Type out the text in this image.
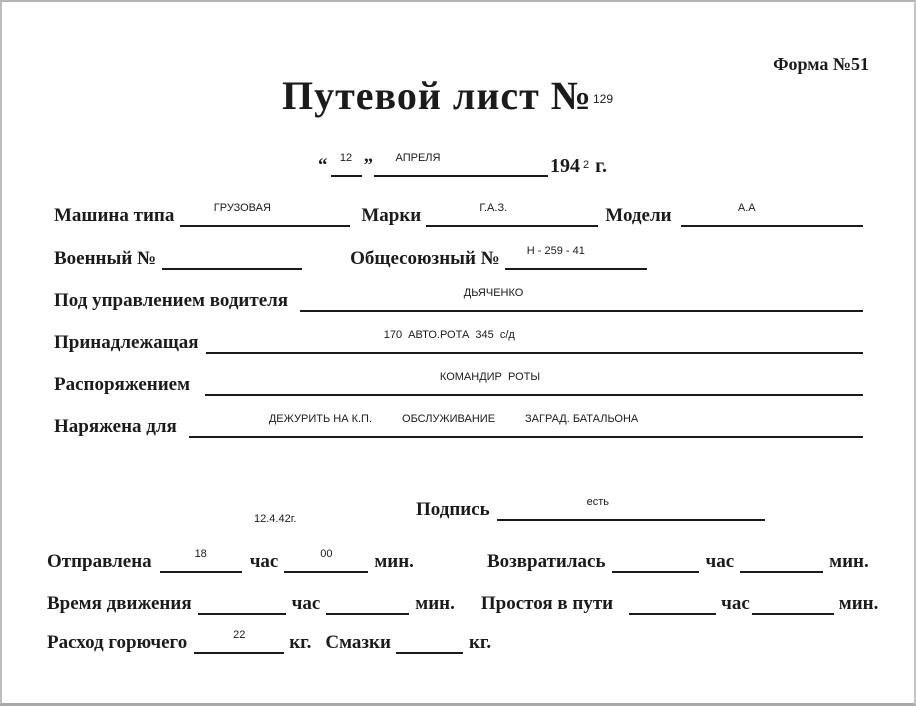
Форма №51
Путевой лист № 129
“ 12 ” АПРЕЛЯ	194 2 г.
Машина типа	ГРУЗОВАЯ	Марки	Г.А.З.	Модели	А.А
Военный №	Общесоюзный № Н - 259 - 41
Под управлением водителя	ДЬЯЧЕНКО
Принадлежащая	170  АВТО.РОТА  345  с/д
Распоряжением	КОМАНДИР  РОТЫ
Наряжена для	ДЕЖУРИТЬ НА К.П.	ОБСЛУЖИВАНИЕ	ЗАГРАД. БАТАЛЬОНА
Подпись	есть
12.4.42г.
Отправлена	18 час	00 мин.	Возвратилась	час	мин.
Время движения	час	мин. Простоя в пути	час	мин.
Расход горючего	22 кг. Смазки	кг.
